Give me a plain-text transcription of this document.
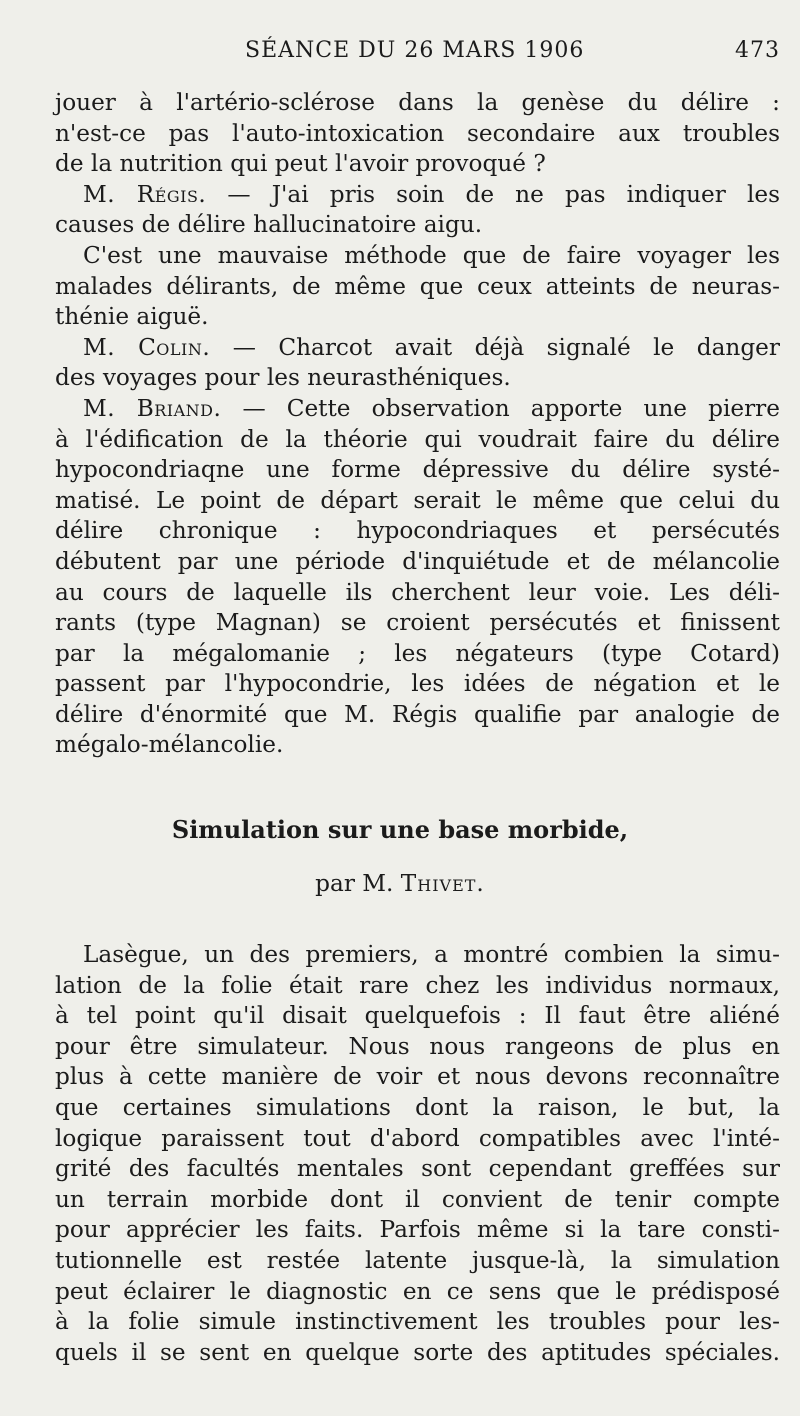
SÉANCE DU 26 MARS 1906	473
jouer à l'artério-sclérose dans la genèse du délire :
n'est-ce pas l'auto-intoxication secondaire aux troubles
de la nutrition qui peut l'avoir provoqué ?
M. Régis. — J'ai pris soin de ne pas indiquer les
causes de délire hallucinatoire aigu.
C'est une mauvaise méthode que de faire voyager les
malades délirants, de même que ceux atteints de neuras-
thénie aiguë.
M. Colin. — Charcot avait déjà signalé le danger
des voyages pour les neurasthéniques.
M. Briand. — Cette observation apporte une pierre
à l'édification de la théorie qui voudrait faire du délire
hypocondriaqne une forme dépressive du délire systé-
matisé. Le point de départ serait le même que celui du
délire chronique : hypocondriaques et persécutés
débutent par une période d'inquiétude et de mélancolie
au cours de laquelle ils cherchent leur voie. Les déli-
rants (type Magnan) se croient persécutés et finissent
par la mégalomanie ; les négateurs (type Cotard)
passent par l'hypocondrie, les idées de négation et le
délire d'énormité que M. Régis qualifie par analogie de
mégalo-mélancolie.
Simulation sur une base morbide,
par M. Thivet.
Lasègue, un des premiers, a montré combien la simu-
lation de la folie était rare chez les individus normaux,
à tel point qu'il disait quelquefois : Il faut être aliéné
pour être simulateur. Nous nous rangeons de plus en
plus à cette manière de voir et nous devons reconnaître
que certaines simulations dont la raison, le but, la
logique paraissent tout d'abord compatibles avec l'inté-
grité des facultés mentales sont cependant greffées sur
un terrain morbide dont il convient de tenir compte
pour apprécier les faits. Parfois même si la tare consti-
tutionnelle est restée latente jusque-là, la simulation
peut éclairer le diagnostic en ce sens que le prédisposé
à la folie simule instinctivement les troubles pour les-
quels il se sent en quelque sorte des aptitudes spéciales.
